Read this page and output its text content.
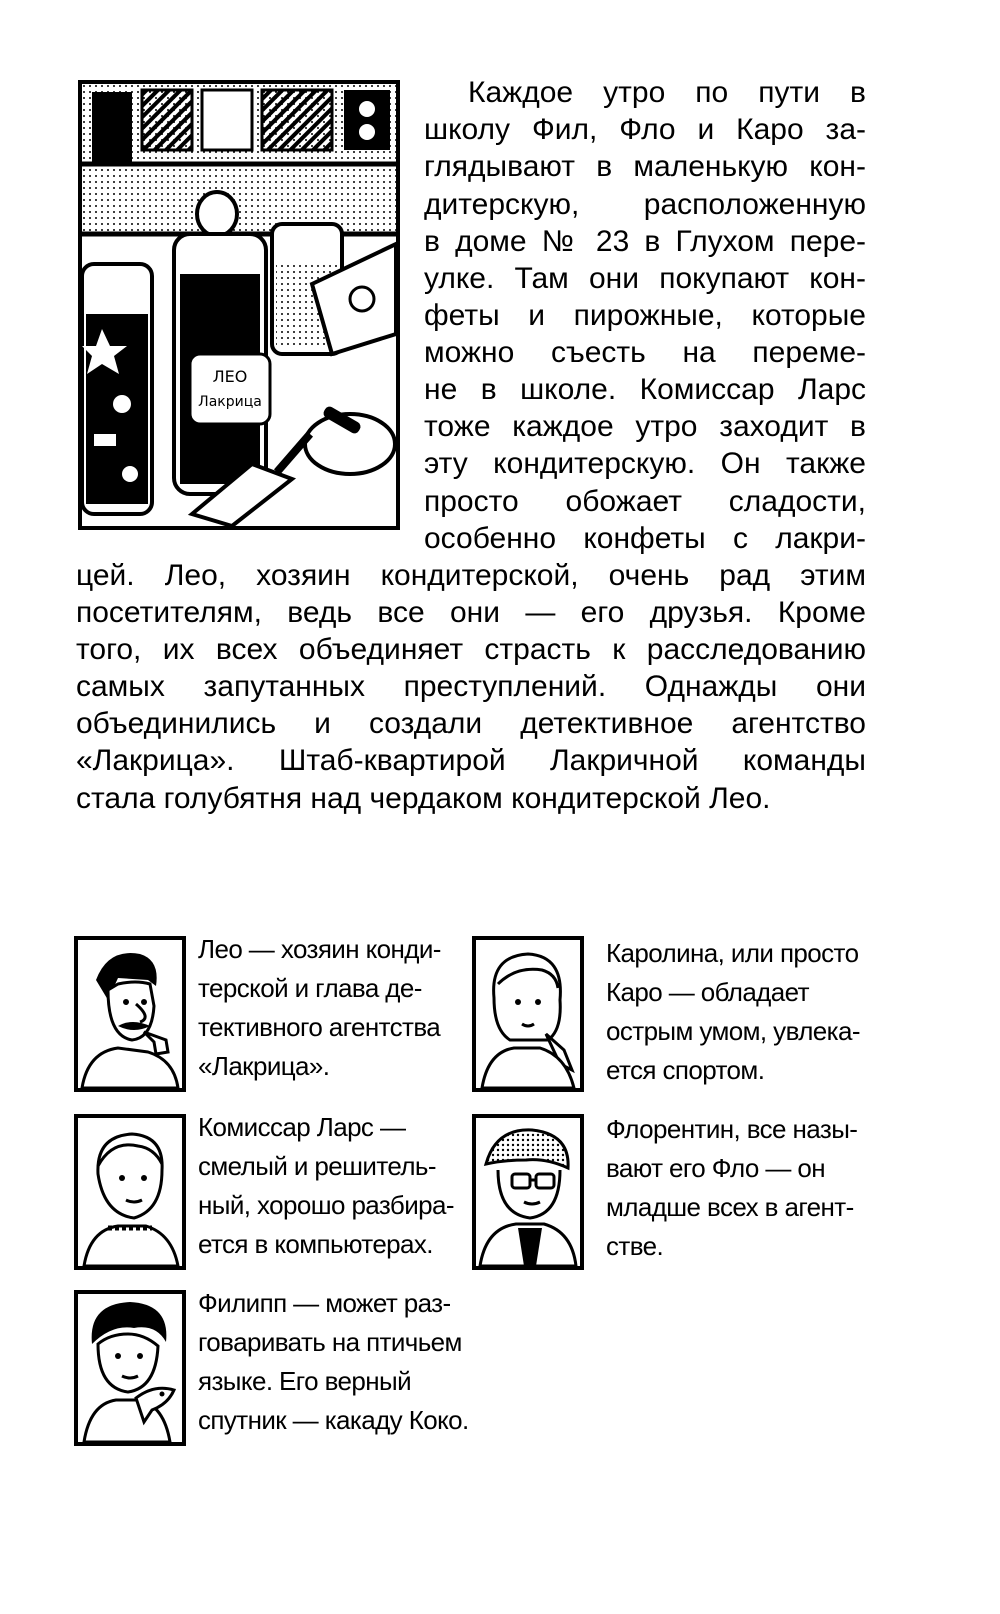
ЛЕО
Лакрица
Каждое утро по пути в
школу Фил, Фло и Каро за-
глядывают в маленькую кон-
дитерскую, расположенную
в доме № 23 в Глухом пере-
улке. Там они покупают кон-
феты и пирожные, которые
можно съесть на переме-
не в школе. Комиссар Ларс
тоже каждое утро заходит в
эту кондитерскую. Он также
просто обожает сладости,
особенно конфеты с лакри-
цей. Лео, хозяин кондитерской, очень рад этим
посетителям, ведь все они — его друзья. Кроме
того, их всех объединяет страсть к расследованию
самых запутанных преступлений. Однажды они
объединились и создали детективное агентство
«Лакрица». Штаб-квартирой Лакричной команды
стала голубятня над чердаком кондитерской Лео.
Лео — хозяин конди-
терской и глава де-
тективного агентства
«Лакрица».
Каролина, или просто
Каро — обладает
острым умом, увлека-
ется спортом.
Комиссар Ларс —
смелый и решитель-
ный, хорошо разбира-
ется в компьютерах.
Флорентин, все назы-
вают его Фло — он
младше всех в агент-
стве.
Филипп — может раз-
говаривать на птичьем
языке. Его верный
спутник — какаду Коко.
